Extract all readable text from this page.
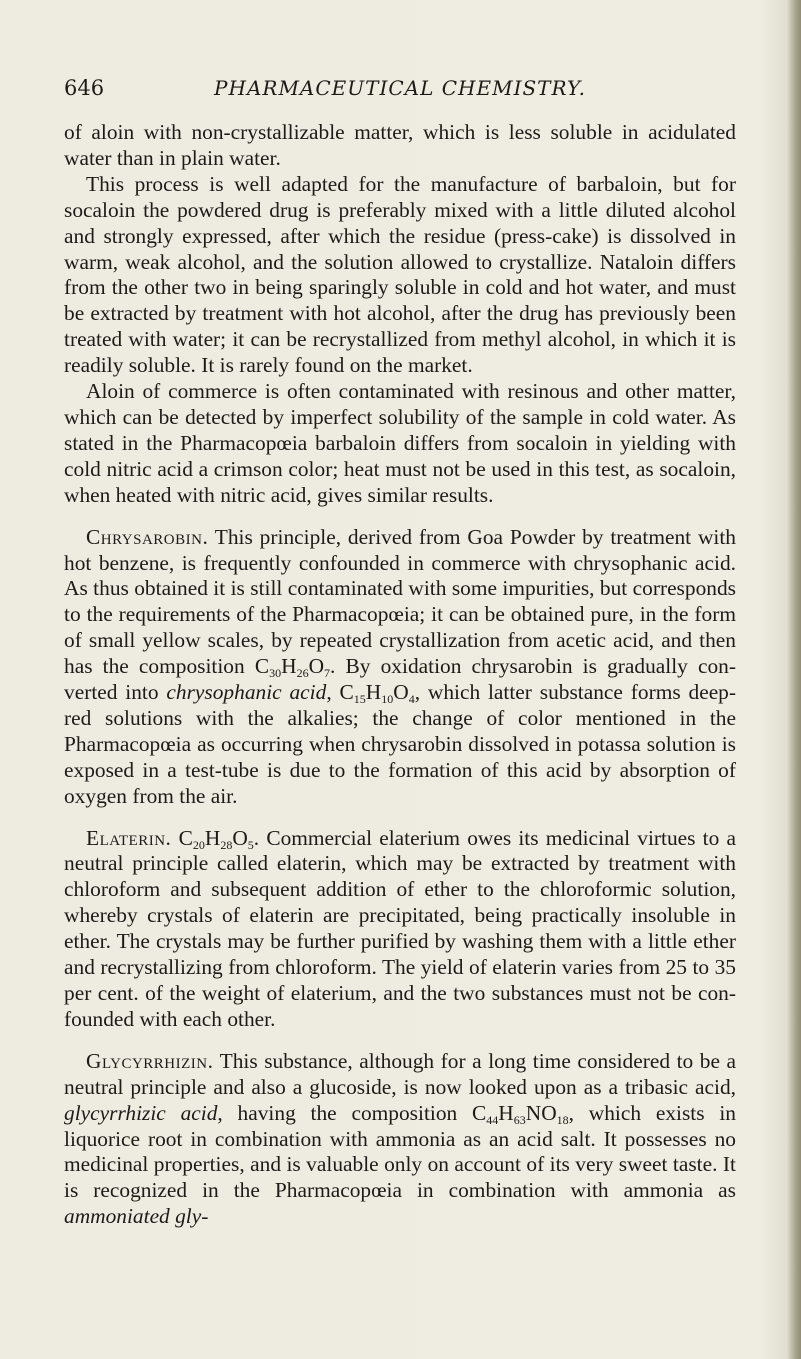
646	PHARMACEUTICAL CHEMISTRY.

of aloin with non-crystallizable matter, which is less soluble in acidulated water than in plain water.

This process is well adapted for the manufacture of barbaloin, but for socaloin the powdered drug is preferably mixed with a little diluted alcohol and strongly expressed, after which the residue (press-cake) is dissolved in warm, weak alcohol, and the solution allowed to crystallize. Nataloin differs from the other two in being sparingly soluble in cold and hot water, and must be extracted by treatment with hot alcohol, after the drug has previously been treated with water; it can be recrystallized from methyl alcohol, in which it is readily soluble. It is rarely found on the market.

Aloin of commerce is often contaminated with resinous and other matter, which can be detected by imperfect solubility of the sample in cold water. As stated in the Pharmacopœia barbaloin differs from socaloin in yielding with cold nitric acid a crimson color; heat must not be used in this test, as socaloin, when heated with nitric acid, gives similar results.

Chrysarobin. This principle, derived from Goa Powder by treatment with hot benzene, is frequently confounded in commerce with chrysophanic acid. As thus obtained it is still contaminated with some impurities, but corresponds to the requirements of the Pharmacopœia; it can be obtained pure, in the form of small yellow scales, by repeated crystallization from acetic acid, and then has the composition $C_{30}H_{26}O_7$. By oxidation chrysarobin is gradually converted into chrysophanic acid, $C_{15}H_{10}O_4$, which latter substance forms deep-red solutions with the alkalies; the change of color mentioned in the Pharmacopœia as occurring when chrysarobin dissolved in potassa solution is exposed in a test-tube is due to the formation of this acid by absorption of oxygen from the air.

Elaterin. $C_{20}H_{28}O_5$. Commercial elaterium owes its medicinal virtues to a neutral principle called elaterin, which may be extracted by treatment with chloroform and subsequent addition of ether to the chloroformic solution, whereby crystals of elaterin are precipitated, being practically insoluble in ether. The crystals may be further purified by washing them with a little ether and recrystallizing from chloroform. The yield of elaterin varies from 25 to 35 per cent. of the weight of elaterium, and the two substances must not be confounded with each other.

Glycyrrhizin. This substance, although for a long time considered to be a neutral principle and also a glucoside, is now looked upon as a tribasic acid, glycyrrhizic acid, having the composition $C_{44}H_{63}NO_{18}$, which exists in liquorice root in combination with ammonia as an acid salt. It possesses no medicinal properties, and is valuable only on account of its very sweet taste. It is recognized in the Pharmacopœia in combination with ammonia as ammoniated gly-
